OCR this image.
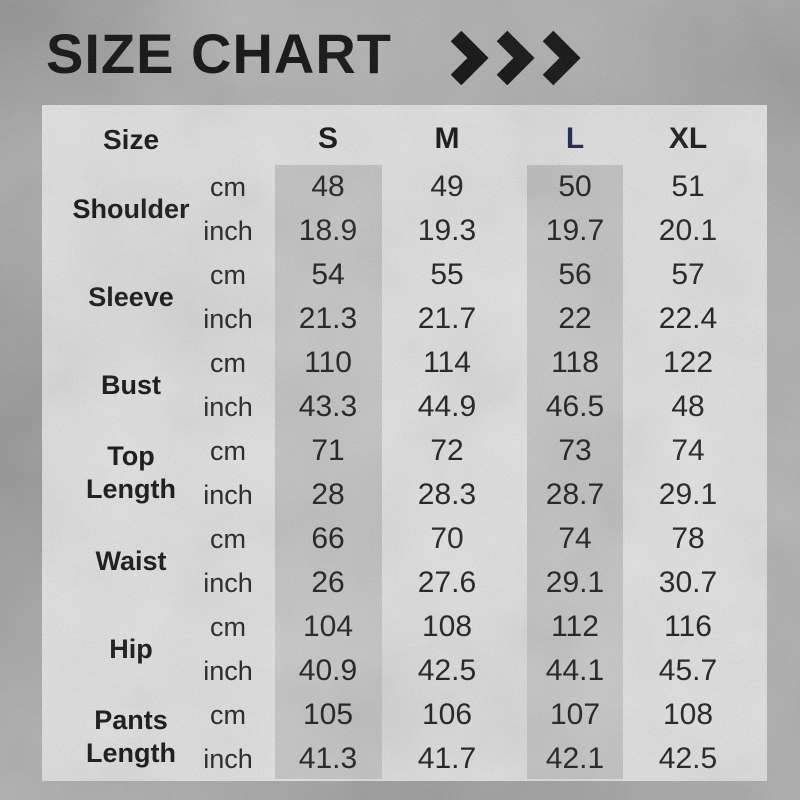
SIZE CHART
Size	S	M	L	XL
Shoulder
cm	48	49	50	51
inch	18.9	19.3	19.7	20.1
Sleeve
cm	54	55	56	57
inch	21.3	21.7	22	22.4
Bust
cm	110	114	118	122
inch	43.3	44.9	46.5	48
Top Length
cm	71	72	73	74
inch	28	28.3	28.7	29.1
Waist
cm	66	70	74	78
inch	26	27.6	29.1	30.7
Hip
cm	104	108	112	116
inch	40.9	42.5	44.1	45.7
Pants Length
cm	105	106	107	108
inch	41.3	41.7	42.1	42.5
